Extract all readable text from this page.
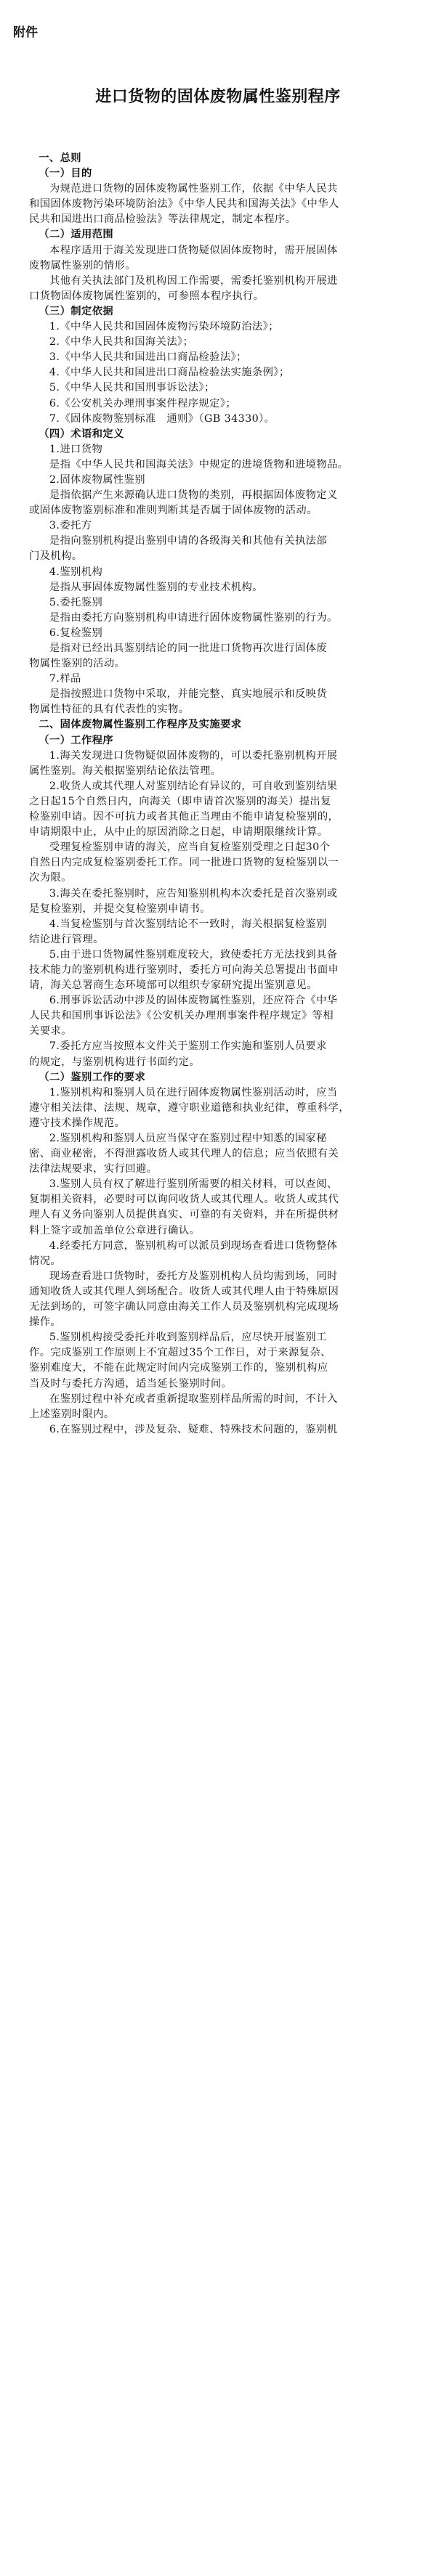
附件
进口货物的固体废物属性鉴别程序

一、总则

（一）目的

为规范进口货物的固体废物属性鉴别工作，依据《中华人民共

和国固体废物污染环境防治法》《中华人民共和国海关法》《中华人

民共和国进出口商品检验法》等法律规定，制定本程序。

（二）适用范围

本程序适用于海关发现进口货物疑似固体废物时，需开展固体

废物属性鉴别的情形。

其他有关执法部门及机构因工作需要，需委托鉴别机构开展进

口货物固体废物属性鉴别的，可参照本程序执行。

（三）制定依据

1.《中华人民共和国固体废物污染环境防治法》；

2.《中华人民共和国海关法》；

3.《中华人民共和国进出口商品检验法》；

4.《中华人民共和国进出口商品检验法实施条例》；

5.《中华人民共和国刑事诉讼法》；

6.《公安机关办理刑事案件程序规定》；

7.《固体废物鉴别标准　通则》（GB 34330）。

（四）术语和定义

1.进口货物

是指《中华人民共和国海关法》中规定的进境货物和进境物品。

2.固体废物属性鉴别

是指依据产生来源确认进口货物的类别，再根据固体废物定义

或固体废物鉴别标准和准则判断其是否属于固体废物的活动。

3.委托方

是指向鉴别机构提出鉴别申请的各级海关和其他有关执法部

门及机构。

4.鉴别机构

是指从事固体废物属性鉴别的专业技术机构。

5.委托鉴别

是指由委托方向鉴别机构申请进行固体废物属性鉴别的行为。

6.复检鉴别

是指对已经出具鉴别结论的同一批进口货物再次进行固体废

物属性鉴别的活动。

7.样品

是指按照进口货物中采取，并能完整、真实地展示和反映货

物属性特征的具有代表性的实物。

二、固体废物属性鉴别工作程序及实施要求

（一）工作程序

1.海关发现进口货物疑似固体废物的，可以委托鉴别机构开展

属性鉴别。海关根据鉴别结论依法管理。

2.收货人或其代理人对鉴别结论有异议的，可自收到鉴别结果

之日起15个自然日内，向海关（即申请首次鉴别的海关）提出复

检鉴别申请。因不可抗力或者其他正当理由不能申请复检鉴别的，

申请期限中止，从中止的原因消除之日起，申请期限继续计算。

受理复检鉴别申请的海关，应当自复检鉴别受理之日起30个

自然日内完成复检鉴别委托工作。同一批进口货物的复检鉴别以一

次为限。

3.海关在委托鉴别时，应告知鉴别机构本次委托是首次鉴别或

是复检鉴别，并提交复检鉴别申请书。

4.当复检鉴别与首次鉴别结论不一致时，海关根据复检鉴别

结论进行管理。

5.由于进口货物属性鉴别难度较大，致使委托方无法找到具备

技术能力的鉴别机构进行鉴别时，委托方可向海关总署提出书面申

请，海关总署商生态环境部可以组织专家研究提出鉴别意见。

6.刑事诉讼活动中涉及的固体废物属性鉴别，还应符合《中华

人民共和国刑事诉讼法》《公安机关办理刑事案件程序规定》等相

关要求。

7.委托方应当按照本文件关于鉴别工作实施和鉴别人员要求

的规定，与鉴别机构进行书面约定。

（二）鉴别工作的要求

1.鉴别机构和鉴别人员在进行固体废物属性鉴别活动时，应当

遵守相关法律、法规、规章，遵守职业道德和执业纪律，尊重科学，

遵守技术操作规范。

2.鉴别机构和鉴别人员应当保守在鉴别过程中知悉的国家秘

密、商业秘密，不得泄露收货人或其代理人的信息；应当依照有关

法律法规要求，实行回避。

3.鉴别人员有权了解进行鉴别所需要的相关材料，可以查阅、

复制相关资料，必要时可以询问收货人或其代理人。收货人或其代

理人有义务向鉴别人员提供真实、可靠的有关资料，并在所提供材

料上签字或加盖单位公章进行确认。

4.经委托方同意，鉴别机构可以派员到现场查看进口货物整体

情况。

现场查看进口货物时，委托方及鉴别机构人员均需到场，同时

通知收货人或其代理人到场配合。收货人或其代理人由于特殊原因

无法到场的，可签字确认同意由海关工作人员及鉴别机构完成现场

操作。

5.鉴别机构接受委托并收到鉴别样品后，应尽快开展鉴别工

作。完成鉴别工作原则上不宜超过35个工作日，对于来源复杂、

鉴别难度大，不能在此规定时间内完成鉴别工作的，鉴别机构应

当及时与委托方沟通，适当延长鉴别时间。

在鉴别过程中补充或者重新提取鉴别样品所需的时间，不计入

上述鉴别时限内。

6.在鉴别过程中，涉及复杂、疑难、特殊技术问题的，鉴别机
